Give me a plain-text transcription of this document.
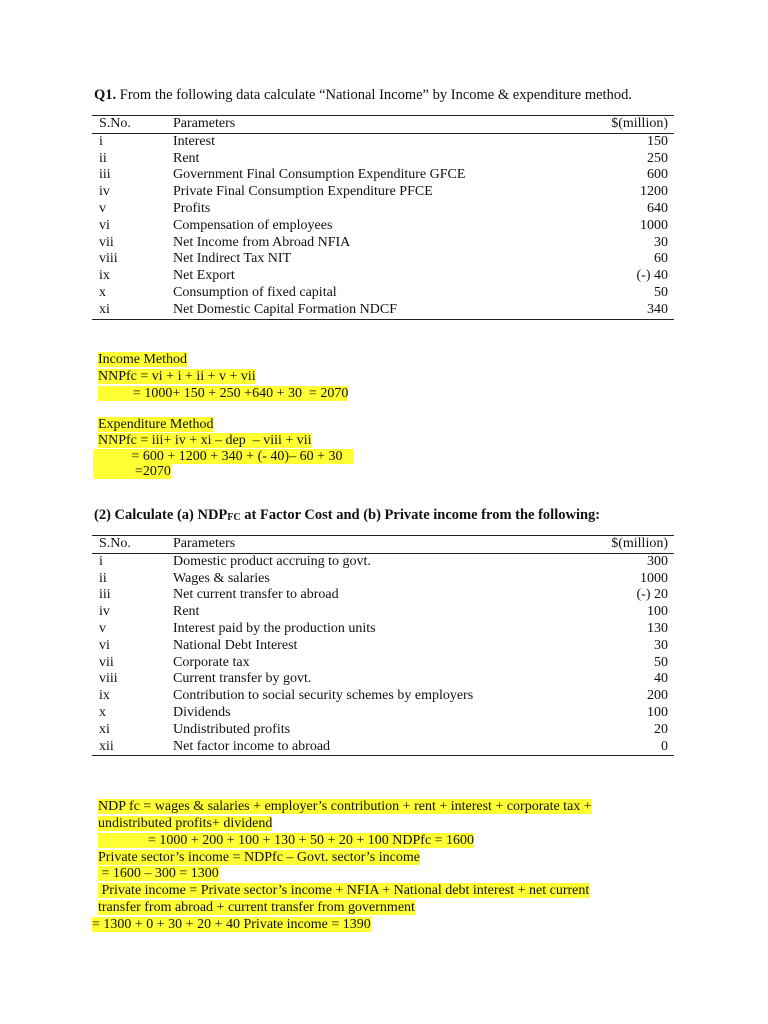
Q1. From the following data calculate “National Income” by Income & expenditure method.
S.No.	Parameters	$(million)
i	Interest	150
ii	Rent	250
iii	Government Final Consumption Expenditure GFCE	600
iv	Private Final Consumption Expenditure PFCE	1200
v	Profits	640
vi	Compensation of employees	1000
vii	Net Income from Abroad NFIA	30
viii	Net Indirect Tax NIT	60
ix	Net Export	(-) 40
x	Consumption of fixed capital	50
xi	Net Domestic Capital Formation NDCF	340
Income Method
NNPfc = vi + i + ii + v + vii
= 1000+ 150 + 250 +640 + 30  = 2070
Expenditure Method
NNPfc = iii+ iv + xi – dep  – viii + vii
= 600 + 1200 + 340 + (- 40)– 60 + 30
=2070
(2) Calculate (a) $NDP_{FC}$ at Factor Cost and (b) Private income from the following:
S.No.	Parameters	$(million)
i	Domestic product accruing to govt.	300
ii	Wages & salaries	1000
iii	Net current transfer to abroad	(-) 20
iv	Rent	100
v	Interest paid by the production units	130
vi	National Debt Interest	30
vii	Corporate tax	50
viii	Current transfer by govt.	40
ix	Contribution to social security schemes by employers	200
x	Dividends	100
xi	Undistributed profits	20
xii	Net factor income to abroad	0
NDP fc = wages & salaries + employer’s contribution + rent + interest + corporate tax +
undistributed profits+ dividend
= 1000 + 200 + 100 + 130 + 50 + 20 + 100 NDPfc = 1600
Private sector’s income = NDPfc – Govt. sector’s income
= 1600 – 300 = 1300
Private income = Private sector’s income + NFIA + National debt interest + net current
transfer from abroad + current transfer from government
= 1300 + 0 + 30 + 20 + 40 Private income = 1390
